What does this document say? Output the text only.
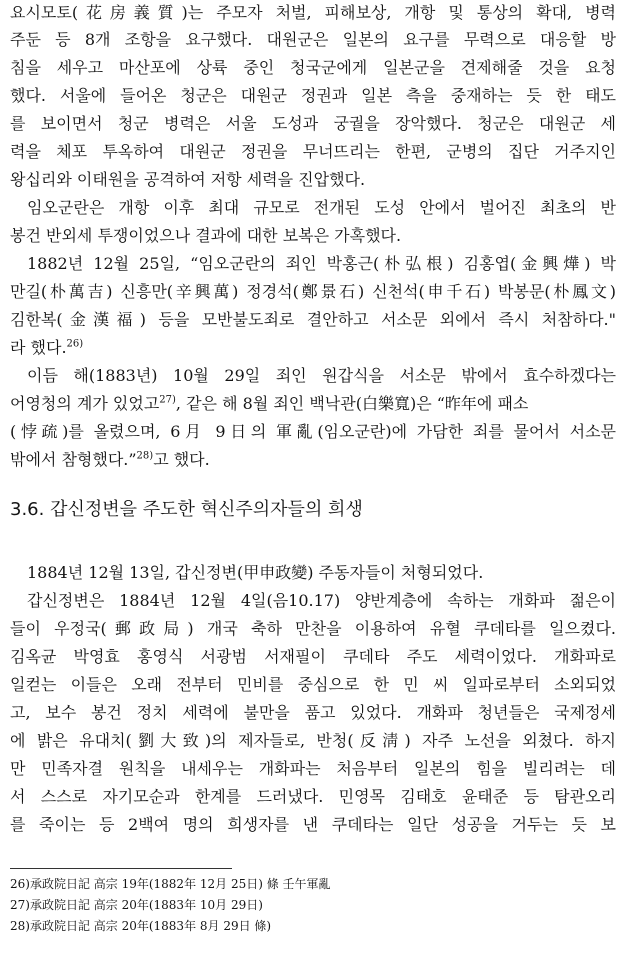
요시모토(花房義質)는 주모자 처벌, 피해보상, 개항 및 통상의 확대, 병력
주둔 등 8개 조항을 요구했다. 대원군은 일본의 요구를 무력으로 대응할 방
침을 세우고 마산포에 상륙 중인 청국군에게 일본군을 견제해줄 것을 요청
했다. 서울에 들어온 청군은 대원군 정권과 일본 측을 중재하는 듯 한 태도
를 보이면서 청군 병력은 서울 도성과 궁궐을 장악했다. 청군은 대원군 세
력을 체포 투옥하여 대원군 정권을 무너뜨리는 한편, 군병의 집단 거주지인
왕십리와 이태원을 공격하여 저항 세력을 진압했다.
임오군란은 개항 이후 최대 규모로 전개된 도성 안에서 벌어진 최초의 반
봉건 반외세 투쟁이었으나 결과에 대한 보복은 가혹했다.
1882년 12월 25일, “임오군란의 죄인 박홍근(朴弘根) 김홍엽(金興燁) 박
만길(朴萬吉) 신흥만(辛興萬) 정경석(鄭景石) 신천석(申千石) 박봉문(朴鳳文)
김한복(金漢福) 등을 모반불도죄로 결안하고 서소문 외에서 즉시 처참하다."
라 했다.$^{26)}$
이듬 해(1883년) 10월 29일 죄인 원갑식을 서소문 밖에서 효수하겠다는
어영청의 계가 있었고$^{27)}$, 같은 해 8월 죄인 백낙관(白樂寬)은 “昨年에 패소
(悖疏)를 올렸으며, 6月 9日의 軍亂(임오군란)에 가담한 죄를 물어서 서소문
밖에서 참형했다.”$^{28)}$고 했다.
3.6. 갑신정변을 주도한 혁신주의자들의 희생
1884년 12월 13일, 갑신정변(甲申政變) 주동자들이 처형되었다.
갑신정변은 1884년 12월 4일(음10.17) 양반계층에 속하는 개화파 젊은이
들이 우정국(郵政局) 개국 축하 만찬을 이용하여 유혈 쿠데타를 일으켰다.
김옥균 박영효 홍영식 서광범 서재필이 쿠데타 주도 세력이었다. 개화파로
일컫는 이들은 오래 전부터 민비를 중심으로 한 민 씨 일파로부터 소외되었
고, 보수 봉건 정치 세력에 불만을 품고 있었다. 개화파 청년들은 국제정세
에 밝은 유대치(劉大致)의 제자들로, 반청(反淸) 자주 노선을 외쳤다. 하지
만 민족자결 원칙을 내세우는 개화파는 처음부터 일본의 힘을 빌리려는 데
서 스스로 자기모순과 한계를 드러냈다. 민영목 김태호 윤태준 등 탐관오리
를 죽이는 등 2백여 명의 희생자를 낸 쿠데타는 일단 성공을 거두는 듯 보
26)承政院日記 高宗 19年(1882年 12月 25日) 條 壬午軍亂
27)承政院日記 高宗 20年(1883年 10月 29日)
28)承政院日記 高宗 20年(1883年 8月 29日 條)
